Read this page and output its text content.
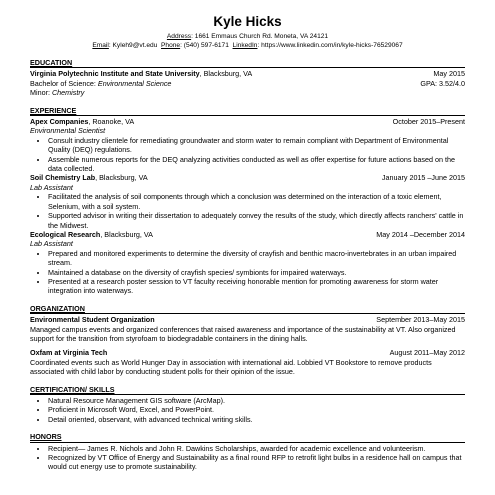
Kyle Hicks
Address: 1661 Emmaus Church Rd. Moneta, VA 24121
Email: Kyleh9@vt.edu Phone: (540) 597-6171 LinkedIn: https://www.linkedin.com/in/kyle-hicks-76529067
EDUCATION
Virginia Polytechnic Institute and State University, Blacksburg, VA	May 2015
Bachelor of Science: Environmental Science	GPA: 3.52/4.0
Minor: Chemistry
EXPERIENCE
Apex Companies, Roanoke, VA	October 2015–Present
Environmental Scientist
• Consult industry clientele for remediating groundwater and storm water to remain compliant with Department of Environmental Quality (DEQ) regulations.
• Assemble numerous reports for the DEQ analyzing activities conducted as well as offer expertise for future actions based on the data collected.
Soil Chemistry Lab, Blacksburg, VA	January 2015 –June 2015
Lab Assistant
• Facilitated the analysis of soil components through which a conclusion was determined on the interaction of a toxic element, Selenium, with a soil system.
• Supported advisor in writing their dissertation to adequately convey the results of the study, which directly affects ranchers' cattle in the Midwest.
Ecological Research, Blacksburg, VA	May 2014 –December 2014
Lab Assistant
• Prepared and monitored experiments to determine the diversity of crayfish and benthic macro-invertebrates in an urban impaired stream.
• Maintained a database on the diversity of crayfish species/ symbionts for impaired waterways.
• Presented at a research poster session to VT faculty receiving honorable mention for promoting awareness for storm water integration into waterways.
ORGANIZATION
Environmental Student Organization	September 2013–May 2015

Managed campus events and organized conferences that raised awareness and importance of the sustainability at VT. Also organized support for the transition from styrofoam to biodegradable containers in the dining halls.

Oxfam at Virginia Tech	August 2011–May 2012

Coordinated events such as World Hunger Day in association with international aid. Lobbied VT Bookstore to remove products associated with child labor by conducting student polls for their opinion of the issue.

CERTIFICATION/ SKILLS
• Natural Resource Management GIS software (ArcMap).
• Proficient in Microsoft Word, Excel, and PowerPoint.
• Detail oriented, observant, with advanced technical writing skills.
HONORS
• Recipient— James R. Nichols and John R. Dawkins Scholarships, awarded for academic excellence and volunteerism.
• Recognized by VT Office of Energy and Sustainability as a final round RFP to retrofit light bulbs in a residence hall on campus that would cut energy use to promote sustainability.
